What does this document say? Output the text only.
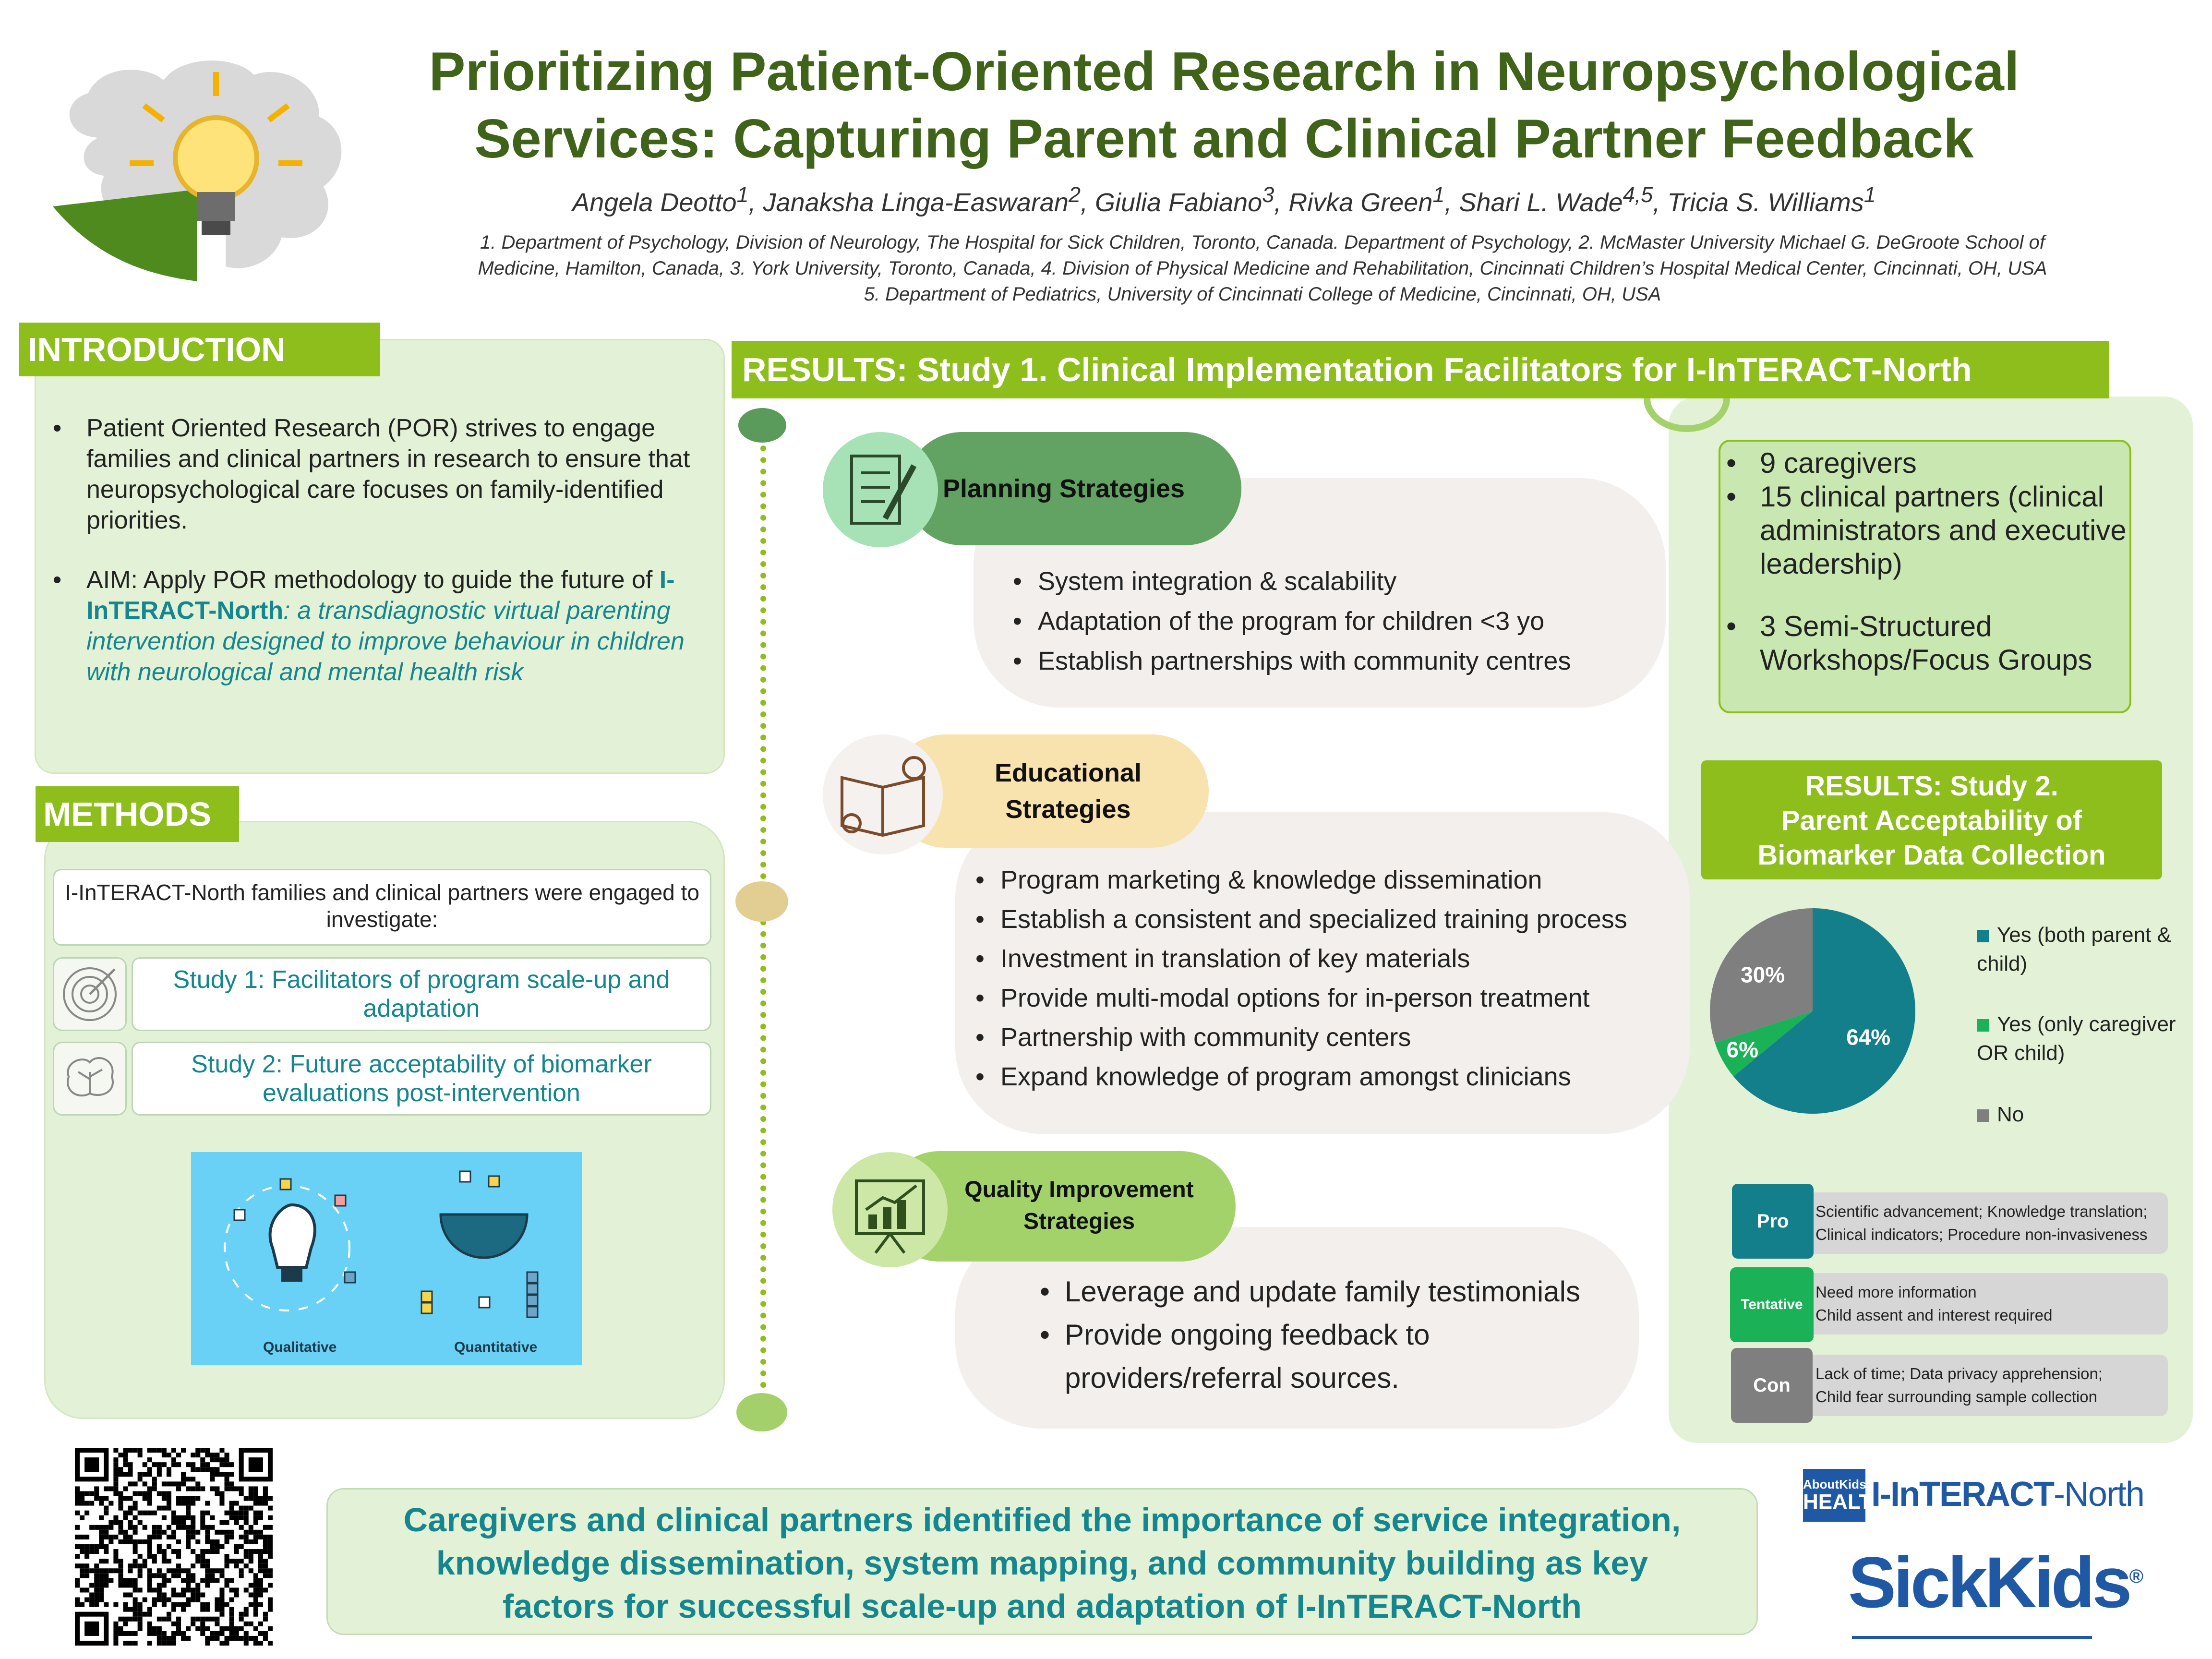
Prioritizing Patient-Oriented Research in Neuropsychological
Services: Capturing Parent and Clinical Partner Feedback
Angela Deotto$^1$, Janaksha Linga-Easwaran$^2$, Giulia Fabiano$^3$, Rivka Green$^1$, Shari L. Wade$^{4,5}$, Tricia S. Williams$^1$
1. Department of Psychology, Division of Neurology, The Hospital for Sick Children, Toronto, Canada. Department of Psychology, 2. McMaster University Michael G. DeGroote School of
Medicine, Hamilton, Canada, 3. York University, Toronto, Canada, 4. Division of Physical Medicine and Rehabilitation, Cincinnati Children’s Hospital Medical Center, Cincinnati, OH, USA
5. Department of Pediatrics, University of Cincinnati College of Medicine, Cincinnati, OH, USA
INTRODUCTION
• Patient Oriented Research (POR) strives to engage families and clinical partners in research to ensure that neuropsychological care focuses on family-identified priorities.
• AIM: Apply POR methodology to guide the future of I-InTERACT-North: a transdiagnostic virtual parenting intervention designed to improve behaviour in children with neurological and mental health risk
METHODS
I-InTERACT-North families and clinical partners were engaged to investigate:
Study 1: Facilitators of program scale-up and adaptation
Study 2: Future acceptability of biomarker evaluations post-intervention
Qualitative	Quantitative
RESULTS: Study 1. Clinical Implementation Facilitators for I-InTERACT-North
Planning Strategies
• System integration & scalability
• Adaptation of the program for children <3 yo
• Establish partnerships with community centres
Educational
Strategies
• Program marketing & knowledge dissemination
• Establish a consistent and specialized training process
• Investment in translation of key materials
• Provide multi-modal options for in-person treatment
• Partnership with community centers
• Expand knowledge of program amongst clinicians
Quality Improvement
Strategies
• Leverage and update family testimonials
• Provide ongoing feedback to providers/referral sources.
• 9 caregivers
• 15 clinical partners (clinical administrators and executive leadership)
• 3 Semi-Structured Workshops/Focus Groups
RESULTS: Study 2.
Parent Acceptability of
Biomarker Data Collection
64%
6%
30%
Yes (both parent & child)
Yes (only caregiver OR child)
No
Scientific advancement; Knowledge translation;
Clinical indicators; Procedure non-invasiveness
Pro
Need more information
Child assent and interest required
Tentative
Lack of time; Data privacy apprehension;
Child fear surrounding sample collection
Con
Caregivers and clinical partners identified the importance of service integration,
knowledge dissemination, system mapping, and community building as key
factors for successful scale-up and adaptation of I-InTERACT-North
AboutKids
HEALTH
I-InTERACT-North
SickKids®
